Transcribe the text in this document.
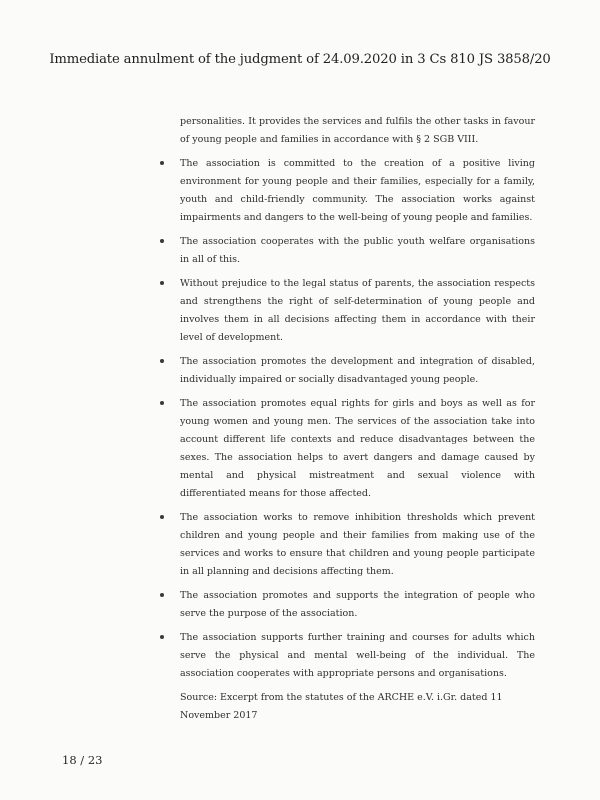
Immediate annulment of the judgment of 24.09.2020 in 3 Cs 810 JS 3858/20

personalities. It provides the services and fulfils the other tasks in favour of young people and families in accordance with § 2 SGB VIII.

The association is committed to the creation of a positive living environment for young people and their families, especially for a family, youth and child-friendly community. The association works against impairments and dangers to the well-being of young people and families.
The association cooperates with the public youth welfare organisations in all of this.
Without prejudice to the legal status of parents, the association respects and strengthens the right of self-determination of young people and involves them in all decisions affecting them in accordance with their level of development.
The association promotes the development and integration of disabled, individually impaired or socially disadvantaged young people.
The association promotes equal rights for girls and boys as well as for young women and young men. The services of the association take into account different life contexts and reduce disadvantages between the sexes. The association helps to avert dangers and damage caused by mental and physical mistreatment and sexual violence with differentiated means for those affected.
The association works to remove inhibition thresholds which prevent children and young people and their families from making use of the services and works to ensure that children and young people participate in all planning and decisions affecting them.
The association promotes and supports the integration of people who serve the purpose of the association.
The association supports further training and courses for adults which serve the physical and mental well-being of the individual. The association cooperates with appropriate persons and organisations.
Source: Excerpt from the statutes of the ARCHE e.V. i.Gr. dated 11 November 2017
18 / 23
